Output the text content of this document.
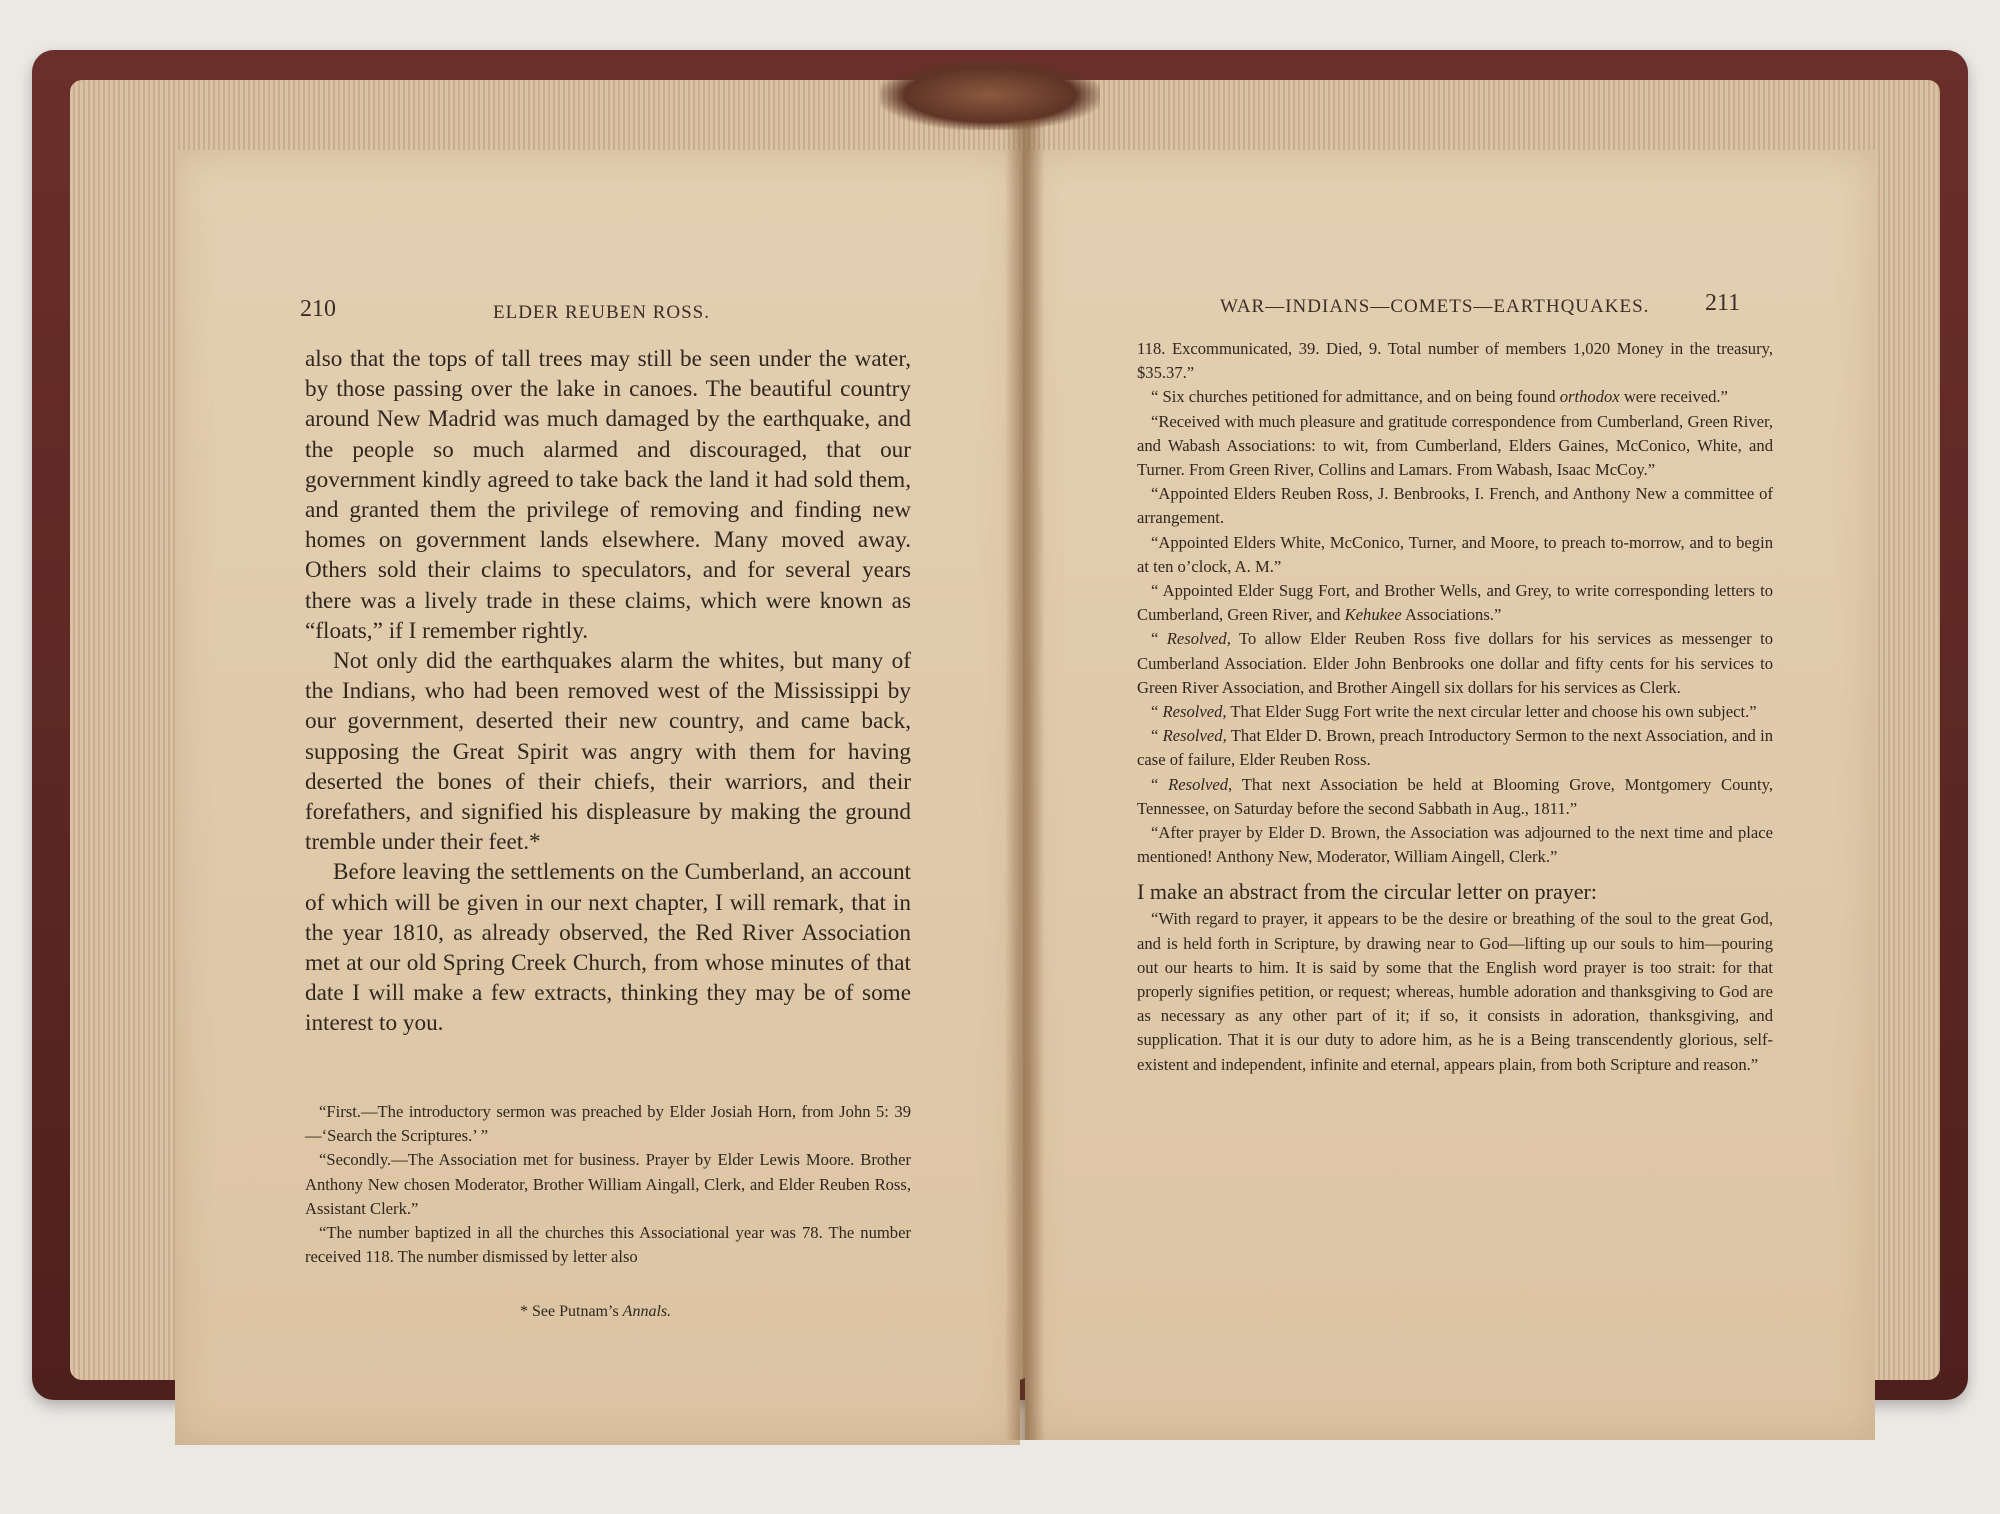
210	ELDER REUBEN ROSS.

also that the tops of tall trees may still be seen under the water, by those passing over the lake in canoes. The beautiful country around New Madrid was much damaged by the earthquake, and the people so much alarmed and discouraged, that our government kindly agreed to take back the land it had sold them, and granted them the privilege of removing and finding new homes on government lands elsewhere. Many moved away. Others sold their claims to speculators, and for several years there was a lively trade in these claims, which were known as “floats,” if I remember rightly.

Not only did the earthquakes alarm the whites, but many of the Indians, who had been removed west of the Mississippi by our government, deserted their new country, and came back, supposing the Great Spirit was angry with them for having deserted the bones of their chiefs, their warriors, and their forefathers, and signified his displeasure by making the ground tremble under their feet.*

Before leaving the settlements on the Cumberland, an account of which will be given in our next chapter, I will remark, that in the year 1810, as already observed, the Red River Association met at our old Spring Creek Church, from whose minutes of that date I will make a few extracts, thinking they may be of some interest to you.

“First.—The introductory sermon was preached by Elder Josiah Horn, from John 5: 39—‘Search the Scriptures.’ ”

“Secondly.—The Association met for business. Prayer by Elder Lewis Moore. Brother Anthony New chosen Moderator, Brother William Aingall, Clerk, and Elder Reuben Ross, Assistant Clerk.”

“The number baptized in all the churches this Associational year was 78. The number received 118. The number dismissed by letter also

* See Putnam’s Annals.
WAR—INDIANS—COMETS—EARTHQUAKES. 211

118. Excommunicated, 39. Died, 9. Total number of members 1,020 Money in the treasury, $35.37.”

“ Six churches petitioned for admittance, and on being found orthodox were received.”

“Received with much pleasure and gratitude correspondence from Cumberland, Green River, and Wabash Associations: to wit, from Cumberland, Elders Gaines, McConico, White, and Turner. From Green River, Collins and Lamars. From Wabash, Isaac McCoy.”

“Appointed Elders Reuben Ross, J. Benbrooks, I. French, and Anthony New a committee of arrangement.

“Appointed Elders White, McConico, Turner, and Moore, to preach to-morrow, and to begin at ten o’clock, A. M.”

“ Appointed Elder Sugg Fort, and Brother Wells, and Grey, to write corresponding letters to Cumberland, Green River, and Kehukee Associations.”

“ Resolved, To allow Elder Reuben Ross five dollars for his services as messenger to Cumberland Association. Elder John Benbrooks one dollar and fifty cents for his services to Green River Association, and Brother Aingell six dollars for his services as Clerk.

“ Resolved, That Elder Sugg Fort write the next circular letter and choose his own subject.”

“ Resolved, That Elder D. Brown, preach Introductory Sermon to the next Association, and in case of failure, Elder Reuben Ross.

“ Resolved, That next Association be held at Blooming Grove, Montgomery County, Tennessee, on Saturday before the second Sabbath in Aug., 1811.”

“After prayer by Elder D. Brown, the Association was adjourned to the next time and place mentioned! Anthony New, Moderator, William Aingell, Clerk.”

I make an abstract from the circular letter on prayer:

“With regard to prayer, it appears to be the desire or breathing of the soul to the great God, and is held forth in Scripture, by drawing near to God—lifting up our souls to him—pouring out our hearts to him. It is said by some that the English word prayer is too strait: for that properly signifies petition, or request; whereas, humble adoration and thanksgiving to God are as necessary as any other part of it; if so, it consists in adoration, thanksgiving, and supplication. That it is our duty to adore him, as he is a Being transcendently glorious, self-existent and independent, infinite and eternal, appears plain, from both Scripture and reason.”
